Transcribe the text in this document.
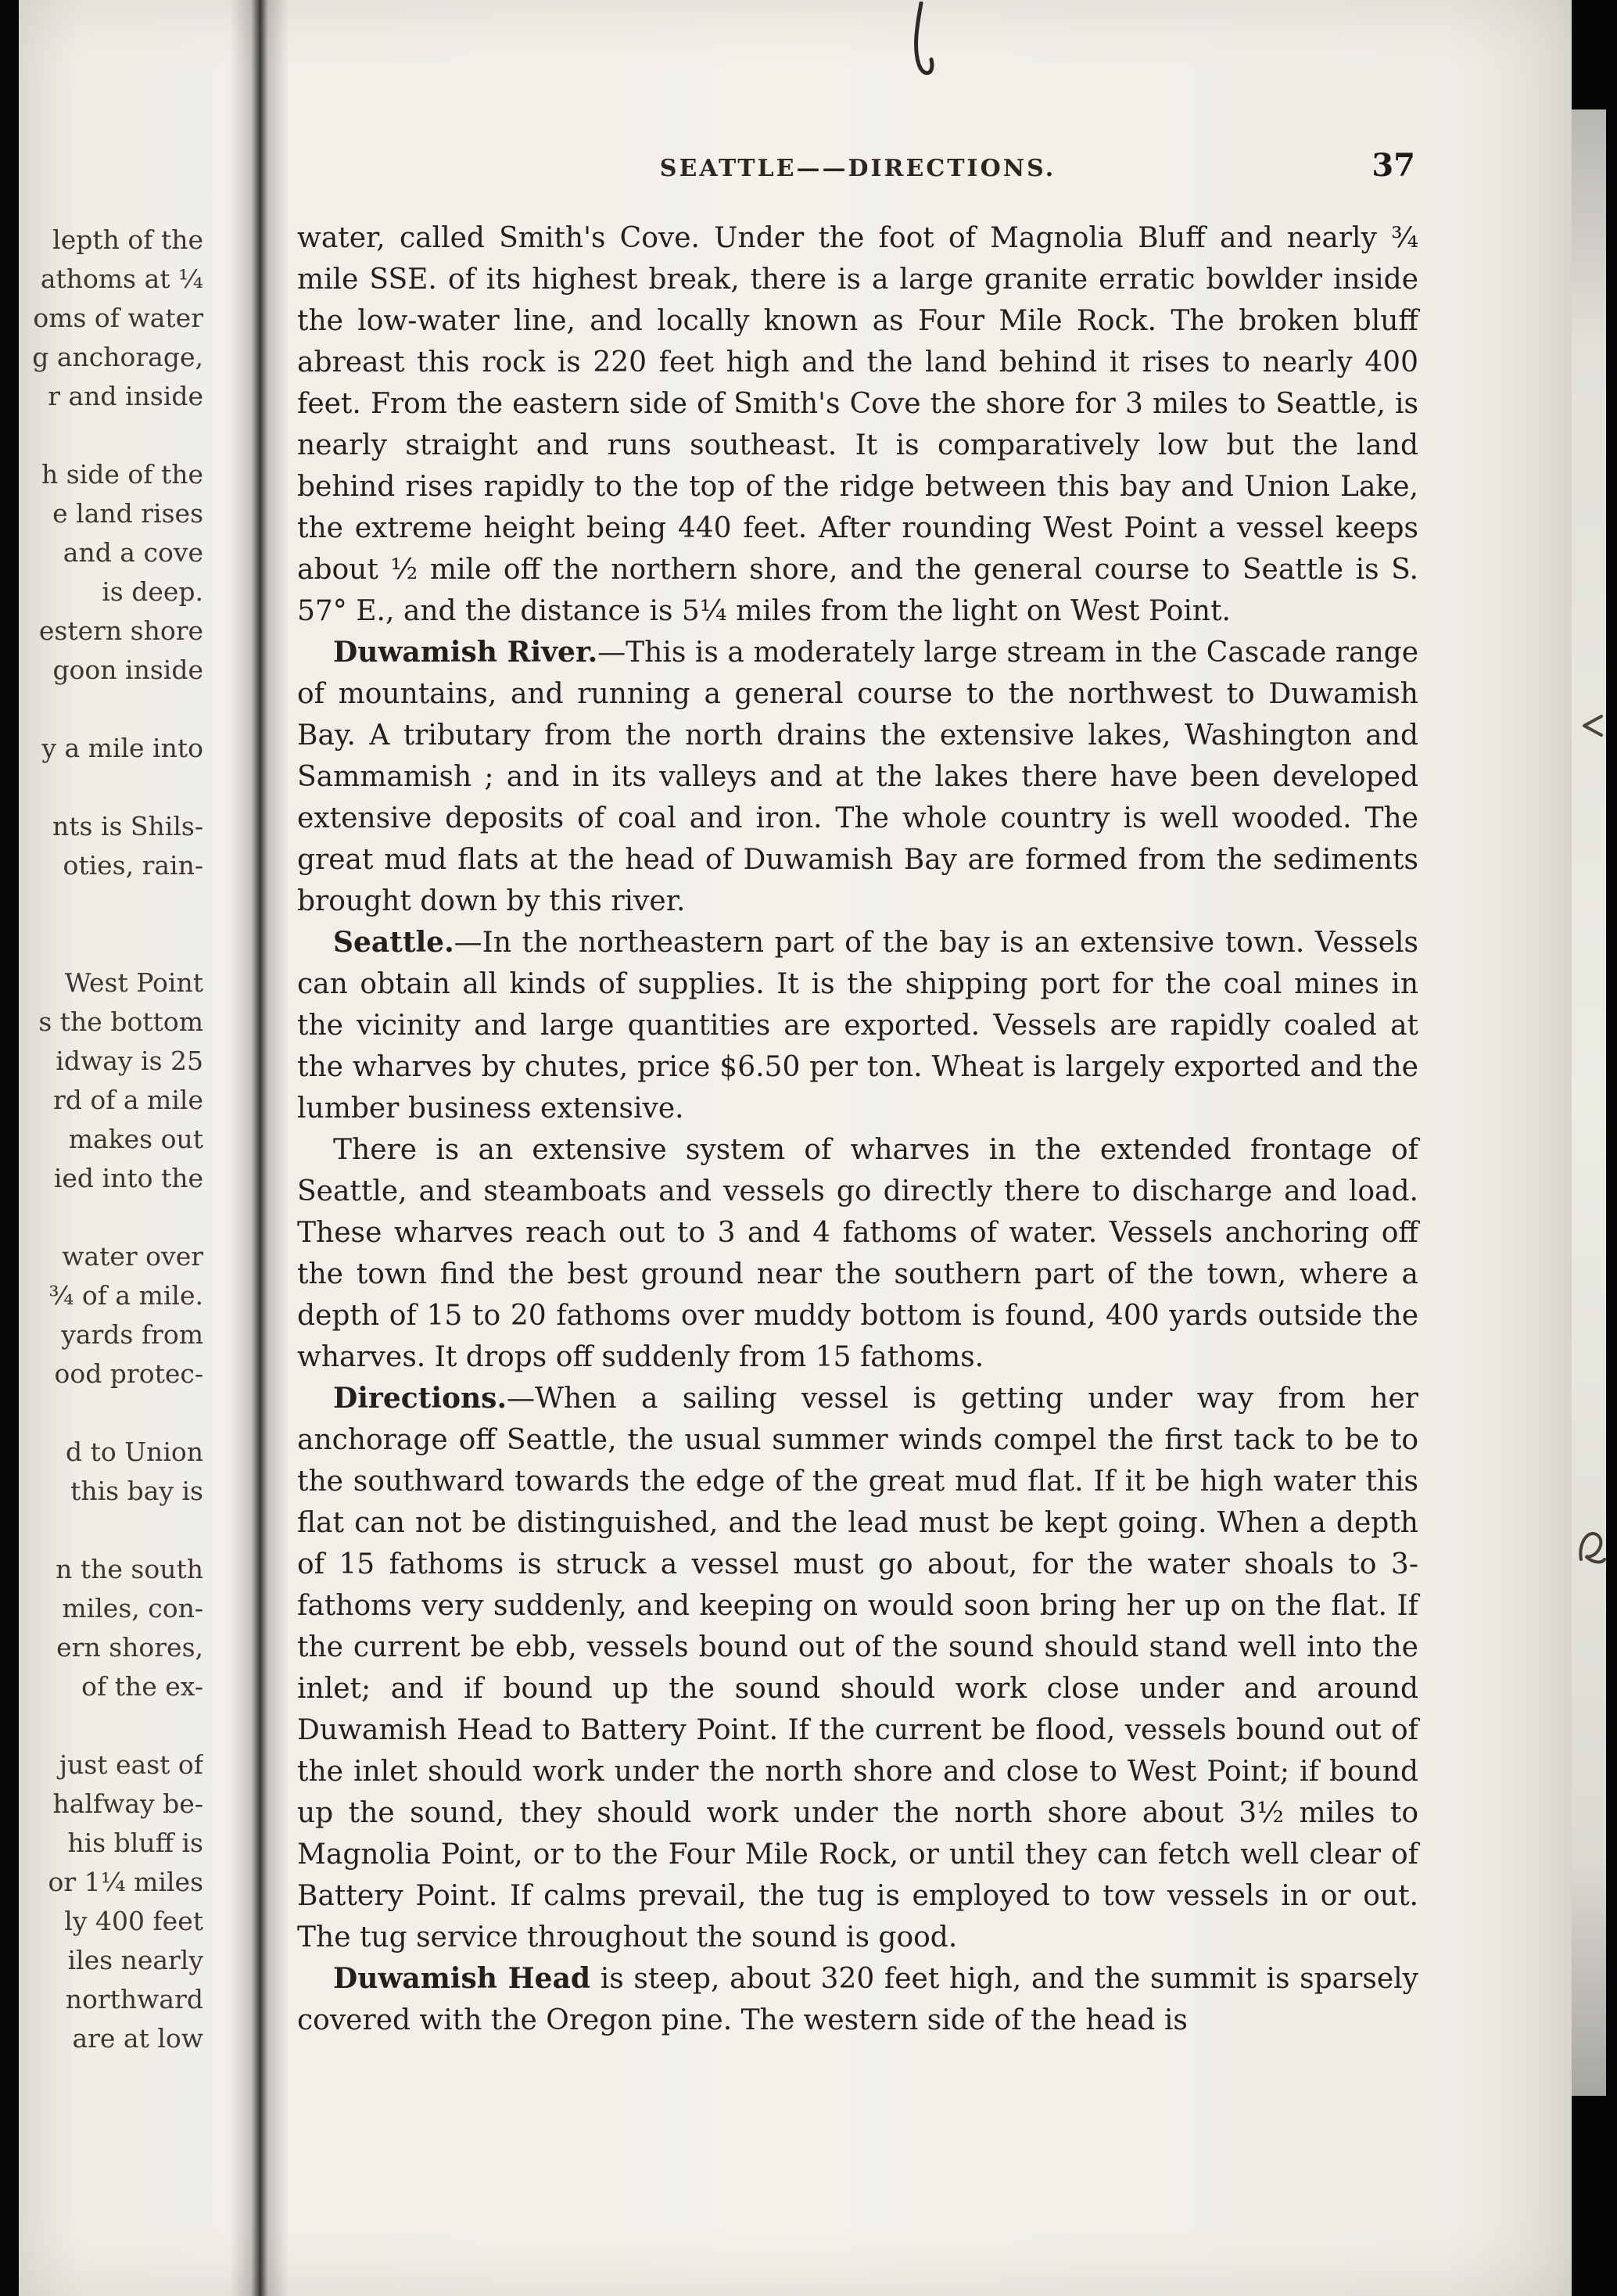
lepth of the
athoms at ¼
oms of water
g anchorage,
r and inside
h side of the
e land rises
and a cove
is deep.
estern shore
goon inside
y a mile into
nts is Shils-
oties, rain-
West Point
s the bottom
idway is 25
rd of a mile
makes out
ied into the
water over
¾ of a mile.
yards from
ood protec-
d to Union
this bay is
n the south
miles, con-
ern shores,
of the ex-
just east of
halfway be-
his bluff is
or 1¼ miles
ly 400 feet
iles nearly
northward
are at low
SEATTLE——DIRECTIONS.	37

water, called Smith's Cove. Under the foot of Magnolia Bluff and nearly ¾ mile SSE. of its highest break, there is a large granite erratic bowlder inside the low-water line, and locally known as Four Mile Rock. The broken bluff abreast this rock is 220 feet high and the land behind it rises to nearly 400 feet. From the eastern side of Smith's Cove the shore for 3 miles to Seattle, is nearly straight and runs southeast. It is comparatively low but the land behind rises rapidly to the top of the ridge between this bay and Union Lake, the extreme height being 440 feet. After rounding West Point a vessel keeps about ½ mile off the northern shore, and the general course to Seattle is S. 57° E., and the distance is 5¼ miles from the light on West Point.

Duwamish River.—This is a moderately large stream in the Cascade range of mountains, and running a general course to the northwest to Duwamish Bay. A tributary from the north drains the extensive lakes, Washington and Sammamish ; and in its valleys and at the lakes there have been developed extensive deposits of coal and iron. The whole country is well wooded. The great mud flats at the head of Duwamish Bay are formed from the sediments brought down by this river.

Seattle.—In the northeastern part of the bay is an extensive town. Vessels can obtain all kinds of supplies. It is the shipping port for the coal mines in the vicinity and large quantities are exported. Vessels are rapidly coaled at the wharves by chutes, price $6.50 per ton. Wheat is largely exported and the lumber business extensive.

There is an extensive system of wharves in the extended frontage of Seattle, and steamboats and vessels go directly there to discharge and load. These wharves reach out to 3 and 4 fathoms of water. Vessels anchoring off the town find the best ground near the southern part of the town, where a depth of 15 to 20 fathoms over muddy bottom is found, 400 yards outside the wharves. It drops off suddenly from 15 fathoms.

Directions.—When a sailing vessel is getting under way from her anchorage off Seattle, the usual summer winds compel the first tack to be to the southward towards the edge of the great mud flat. If it be high water this flat can not be distinguished, and the lead must be kept going. When a depth of 15 fathoms is struck a vessel must go about, for the water shoals to 3-fathoms very suddenly, and keeping on would soon bring her up on the flat. If the current be ebb, vessels bound out of the sound should stand well into the inlet; and if bound up the sound should work close under and around Duwamish Head to Battery Point. If the current be flood, vessels bound out of the inlet should work under the north shore and close to West Point; if bound up the sound, they should work under the north shore about 3½ miles to Magnolia Point, or to the Four Mile Rock, or until they can fetch well clear of Battery Point. If calms prevail, the tug is employed to tow vessels in or out. The tug service throughout the sound is good.

Duwamish Head is steep, about 320 feet high, and the summit is sparsely covered with the Oregon pine. The western side of the head is
